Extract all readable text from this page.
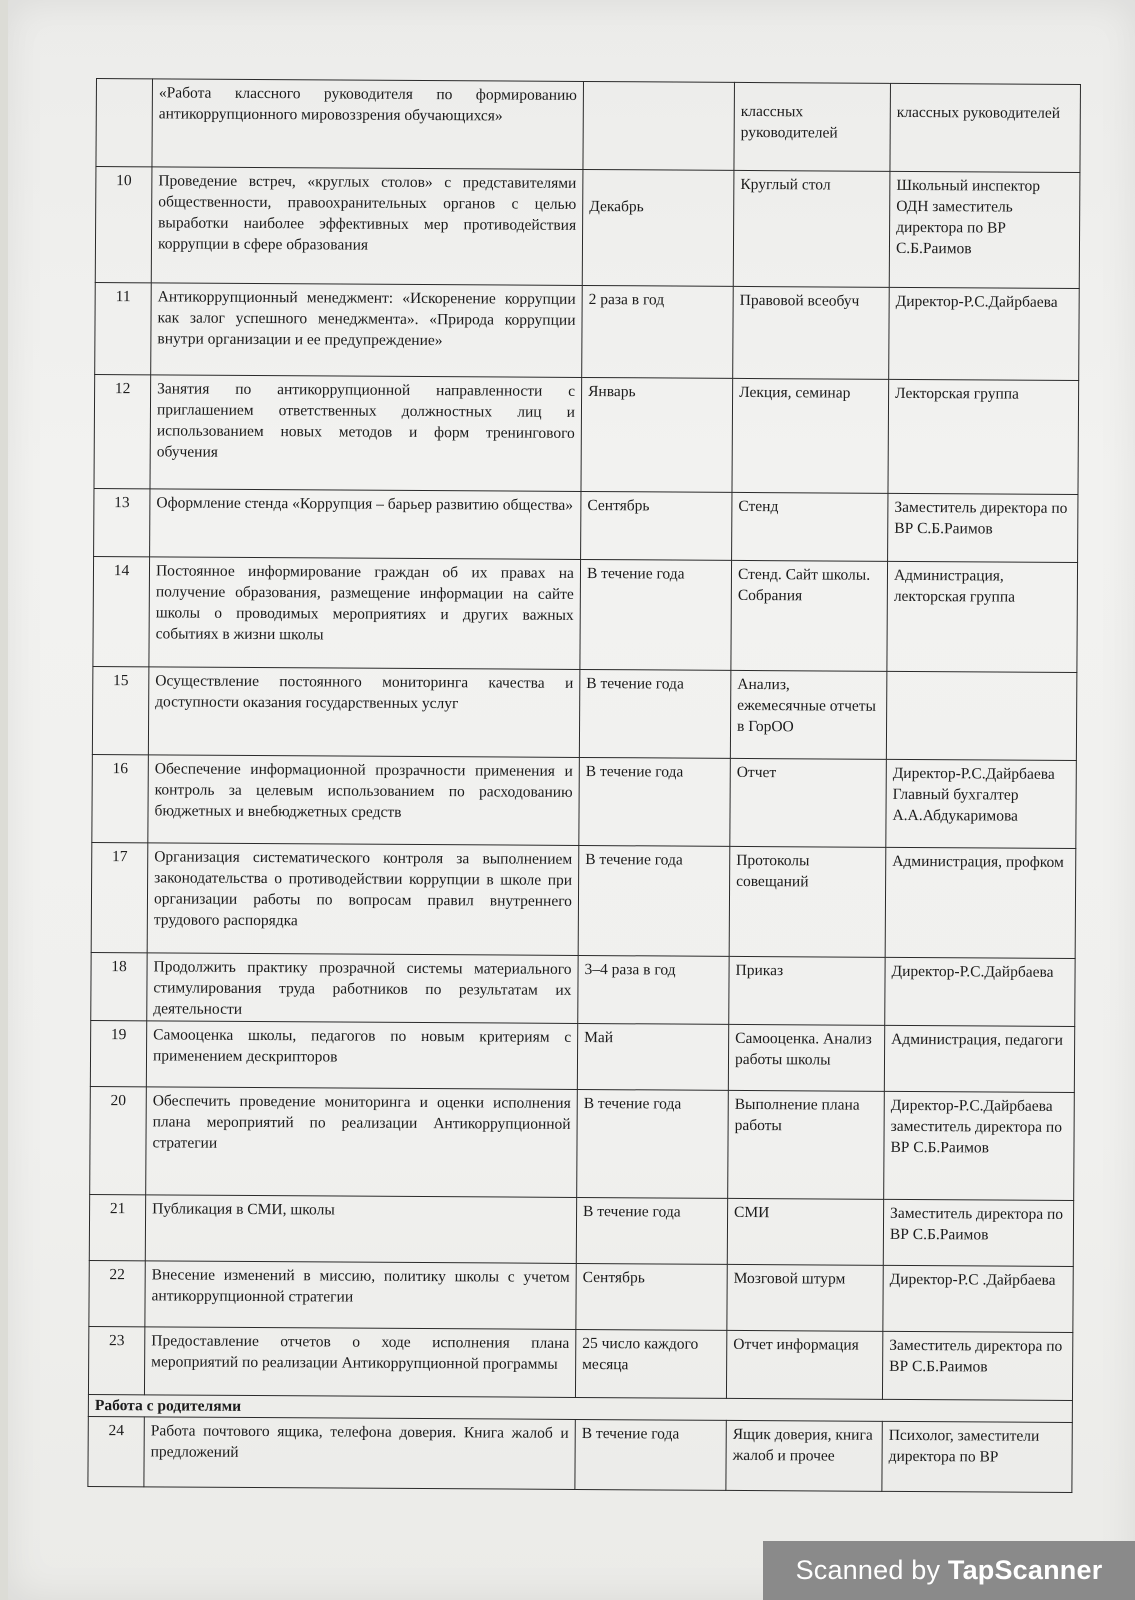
	«Работа классного руководителя по формированию антикоррупционного мировоззрения обучающихся»		классных руководителей	классных руководителей
10	Проведение встреч, «круглых столов» с представителями общественности, правоохранительных органов с целью выработки наиболее эффективных мер противодействия коррупции в сфере образования	Декабрь	Круглый стол	Школьный инспектор ОДН заместитель директора по ВР С.Б.Раимов
11	Антикоррупционный менеджмент: «Искоренение коррупции как залог успешного менеджмента». «Природа коррупции внутри организации и ее предупреждение»	2 раза в год	Правовой всеобуч	Директор-Р.С.Дайрбаева
12	Занятия по антикоррупционной направленности с приглашением ответственных должностных лиц и использованием новых методов и форм тренингового обучения	Январь	Лекция, семинар	Лекторская группа
13	Оформление стенда «Коррупция – барьер развитию общества»	Сентябрь	Стенд	Заместитель директора по ВР С.Б.Раимов
14	Постоянное информирование граждан об их правах на получение образования, размещение информации на сайте школы о проводимых мероприятиях и других важных событиях в жизни школы	В течение года	Стенд. Сайт школы. Собрания	Администрация, лекторская группа
15	Осуществление постоянного мониторинга качества и доступности оказания государственных услуг	В течение года	Анализ, ежемесячные отчеты в ГорОО	
16	Обеспечение информационной прозрачности применения и контроль за целевым использованием по расходованию бюджетных и внебюджетных средств	В течение года	Отчет	Директор-Р.С.Дайрбаева Главный бухгалтер А.А.Абдукаримова
17	Организация систематического контроля за выполнением законодательства о противодействии коррупции в школе при организации работы по вопросам правил внутреннего трудового распорядка	В течение года	Протоколы совещаний	Администрация, профком
18	Продолжить практику прозрачной системы материального стимулирования труда работников по результатам их деятельности	3–4 раза в год	Приказ	Директор-Р.С.Дайрбаева
19	Самооценка школы, педагогов по новым критериям с применением дескрипторов	Май	Самооценка. Анализ работы школы	Администрация, педагоги
20	Обеспечить проведение мониторинга и оценки исполнения плана мероприятий по реализации Антикоррупционной стратегии	В течение года	Выполнение плана работы	Директор-Р.С.Дайрбаева заместитель директора по ВР С.Б.Раимов
21	Публикация в СМИ, школы	В течение года	СМИ	Заместитель директора по ВР С.Б.Раимов
22	Внесение изменений в миссию, политику школы с учетом антикоррупционной стратегии	Сентябрь	Мозговой штурм	Директор-Р.С .Дайрбаева
23	Предоставление отчетов о ходе исполнения плана мероприятий по реализации Антикоррупционной программы	25 число каждого месяца	Отчет информация	Заместитель директора по ВР С.Б.Раимов
Работа с родителями				
24	Работа почтового ящика, телефона доверия. Книга жалоб и предложений	В течение года	Ящик доверия, книга жалоб и прочее	Психолог, заместители директора по ВР
Scanned by TapScanner
